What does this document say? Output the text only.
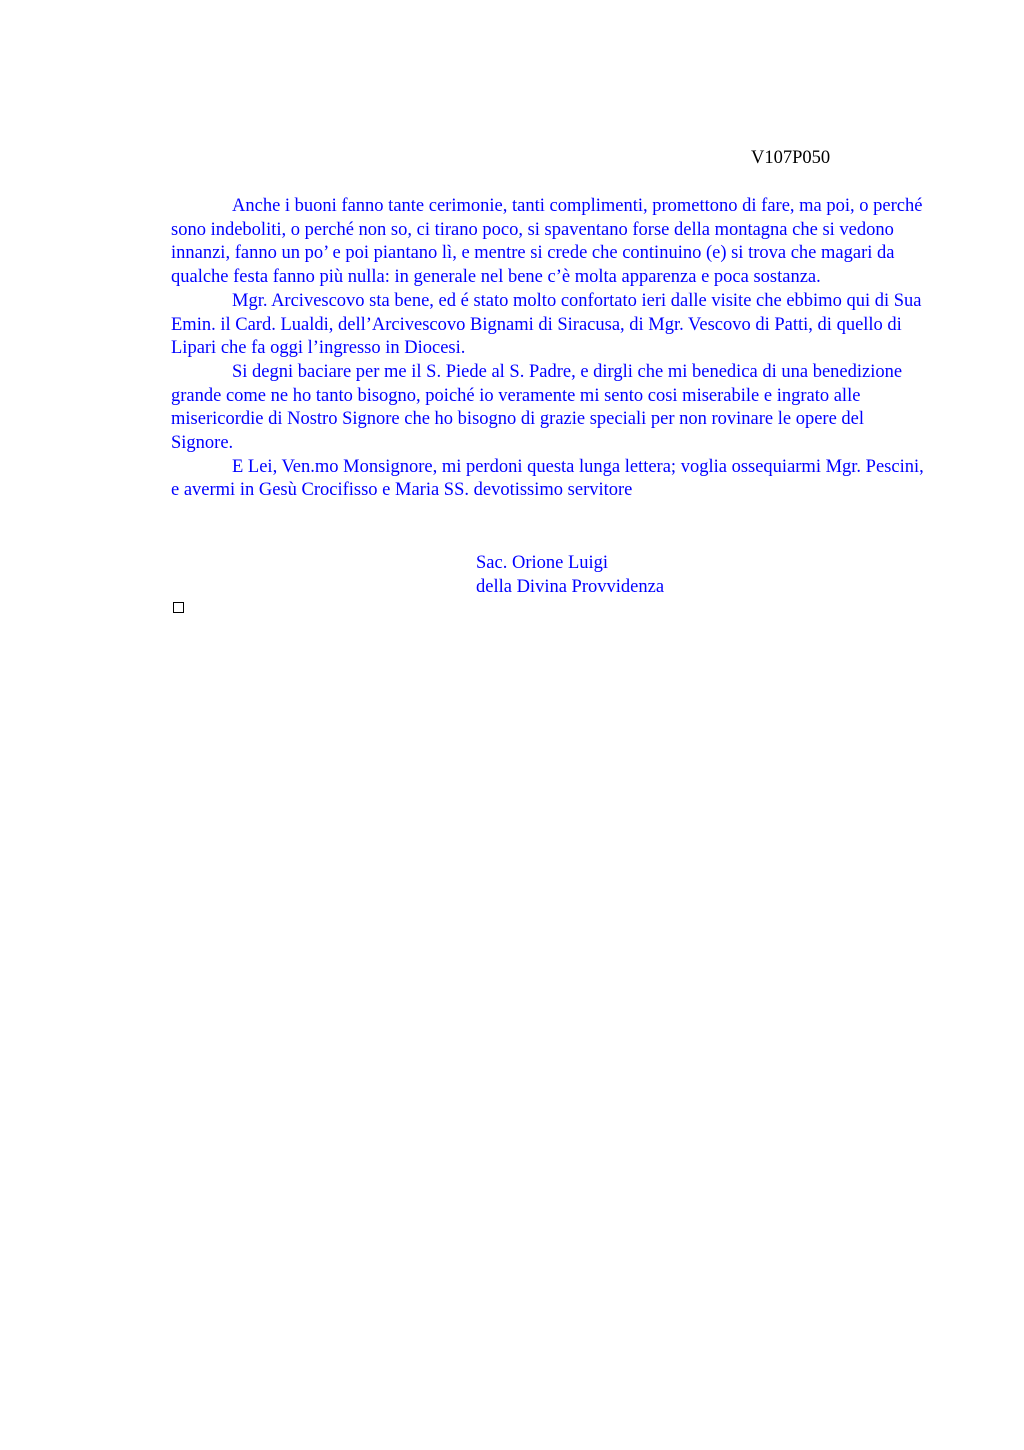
V107P050

Anche i buoni fanno tante cerimonie, tanti complimenti, promettono di fare, ma poi, o perché sono indeboliti, o perché non so, ci tirano poco, si spaventano forse della montagna che si vedono innanzi, fanno un po’ e poi piantano lì, e mentre si crede che continuino (e) si trova che magari da qualche festa fanno più nulla: in generale nel bene c’è molta apparenza e poca sostanza.

Mgr. Arcivescovo sta bene, ed é stato molto confortato ieri dalle visite che ebbimo qui di Sua Emin. il Card. Lualdi, dell’Arcivescovo Bignami di Siracusa, di Mgr. Vescovo di Patti, di quello di Lipari che fa oggi l’ingresso in Diocesi.

Si degni baciare per me il S. Piede al S. Padre, e dirgli che mi benedica di una benedizione grande come ne ho tanto bisogno, poiché io veramente mi sento cosi miserabile e ingrato alle misericordie di Nostro Signore che ho bisogno di grazie speciali per non rovinare le opere del Signore.

E Lei, Ven.mo Monsignore, mi perdoni questa lunga lettera; voglia ossequiarmi Mgr. Pescini, e avermi in Gesù Crocifisso e Maria SS. devotissimo servitore

Sac. Orione Luigi
della Divina Provvidenza
